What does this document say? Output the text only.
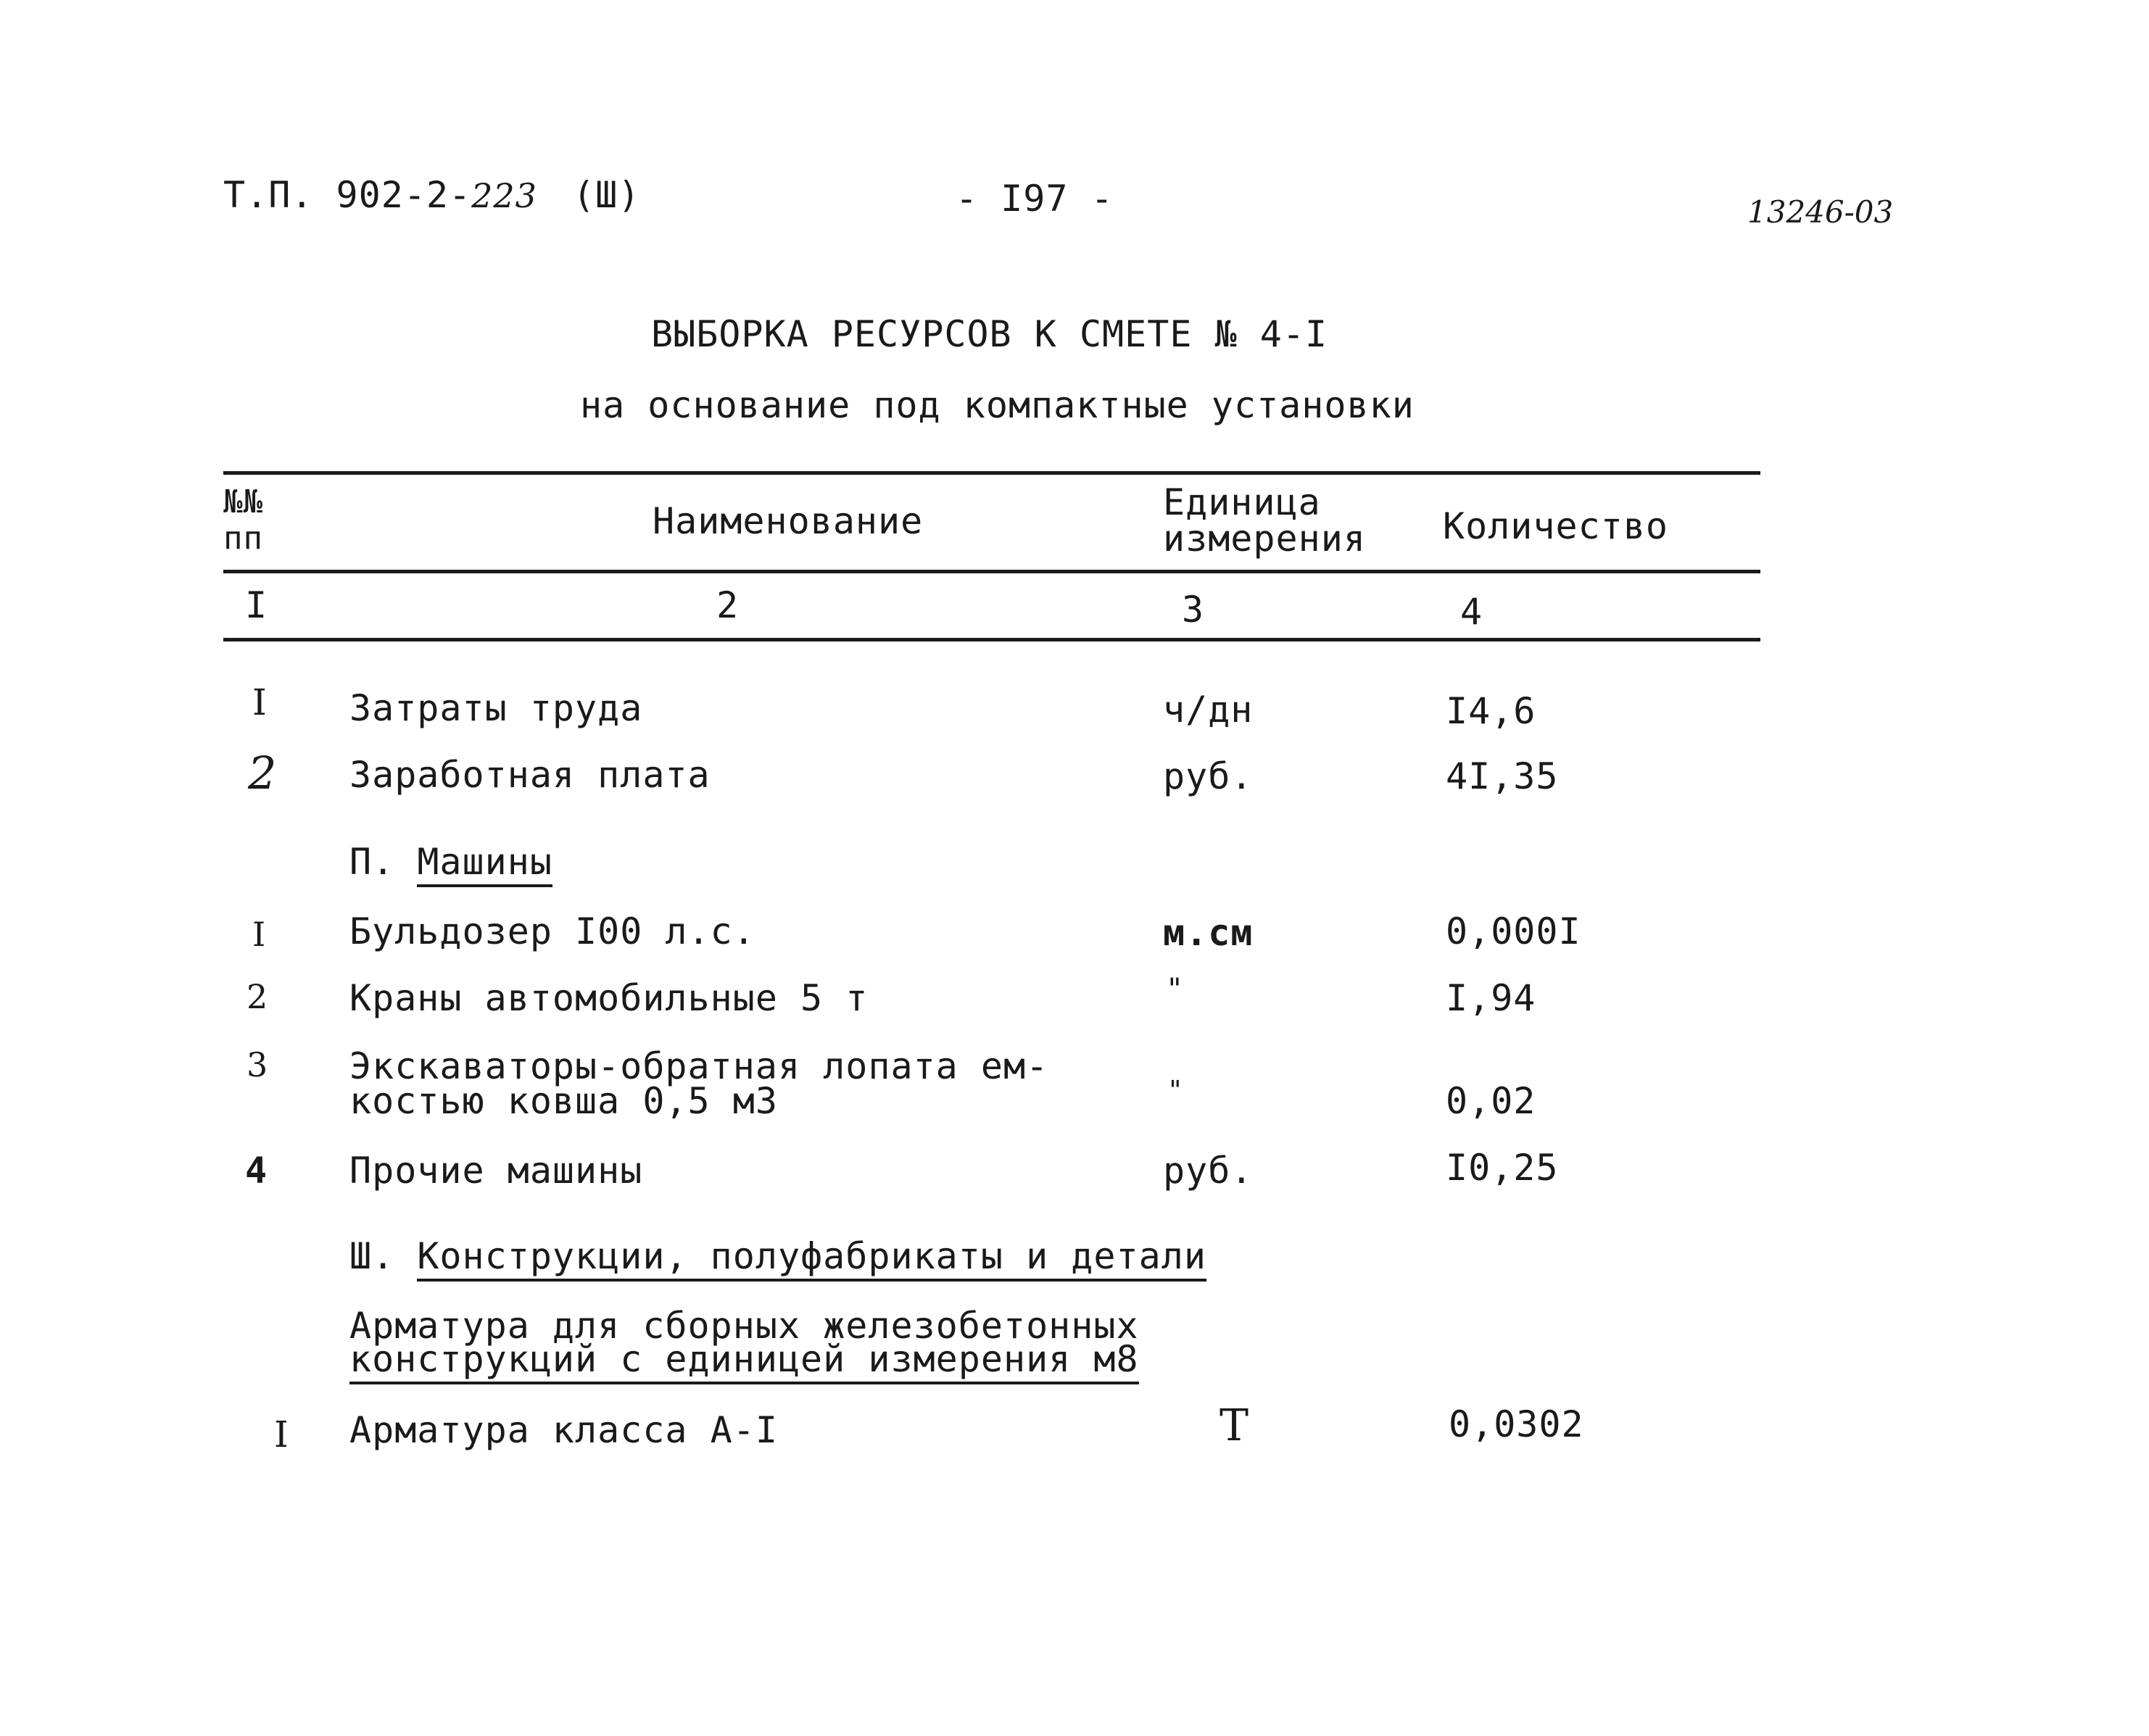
Т.П. 902-2-223 (Ш)	- I97 -	13246-03
ВЫБОРКА РЕСУРСОВ К СМЕТЕ № 4-I
на основание под компактные установки
№№ пп	Наименование	Единица измерения	Количество
I	2	3	4
I Затраты труда	ч/дн	I4,6
2 Заработная плата	руб.	4I,35
П. Машины
I Бульдозер I00 л.с.	м.см	0,000I
2 Краны автомобильные 5 т	"	I,94
3 Экскаваторы-обратная лопата ем-
костью ковша 0,5 м3	"	0,02
4 Прочие машины	руб.	I0,25
Ш. Конструкции, полуфабрикаты и детали
Арматура для сборных железобетонных
конструкций с единицей измерения м8
I Арматура класса А-I	Т	0,0302
